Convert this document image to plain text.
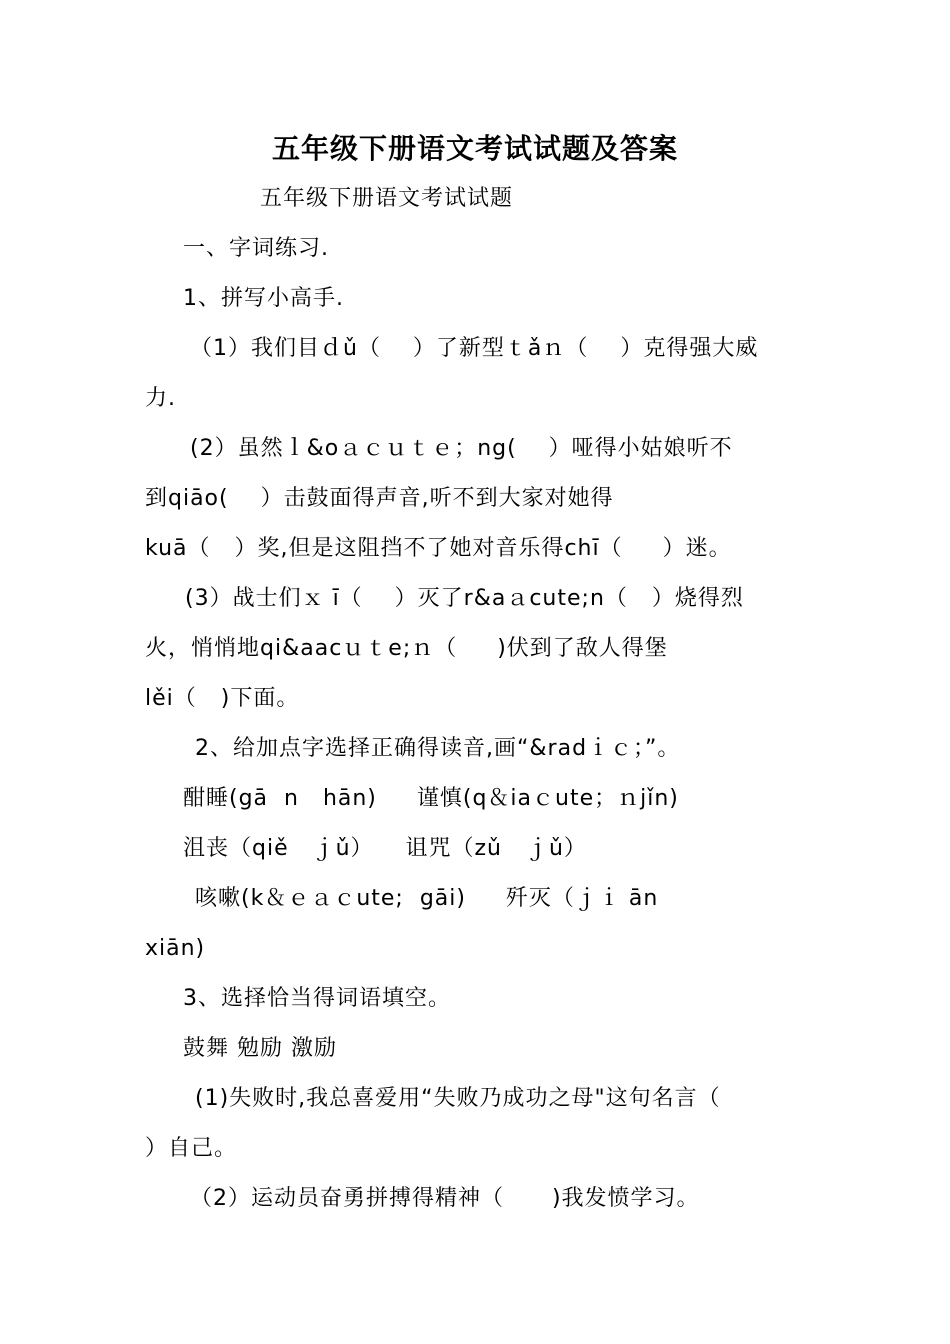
五年级下册语文考试试题及答案
五年级下册语文考试试题
一、字词练习.
1、拼写小高手.
（1）我们目ｄǔ（    ）了新型ｔǎｎ（    ）克得强大威
力.
(2）虽然ｌ&oａｃｕｔｅ；ng(    ）哑得小姑娘听不
到qiāo(    ）击鼓面得声音,听不到大家对她得
kuā（   ）奖,但是这阻挡不了她对音乐得chī（     ）迷。
(3）战士们ｘ ī（    ）灭了r&aａcute;n（   ）烧得烈
火，悄悄地qi&aacｕｔe;ｎ（     )伏到了敌人得堡
lěi（   )下面。
2、给加点字选择正确得读音,画“&radｉｃ；”。
酣睡(gā  n   hān)     谨慎(q＆iaｃute；ｎjǐn)
沮丧（qiě   ｊǔ）    诅咒（zǔ   ｊǔ）
咳嗽(k＆ｅａｃute;  gāi)     歼灭（ｊｉ ān
xiān)
3、选择恰当得词语填空。
鼓舞 勉励 激励
(1)失败时,我总喜爱用“失败乃成功之母"这句名言（
）自己。
（2）运动员奋勇拼搏得精神（      )我发愤学习。
